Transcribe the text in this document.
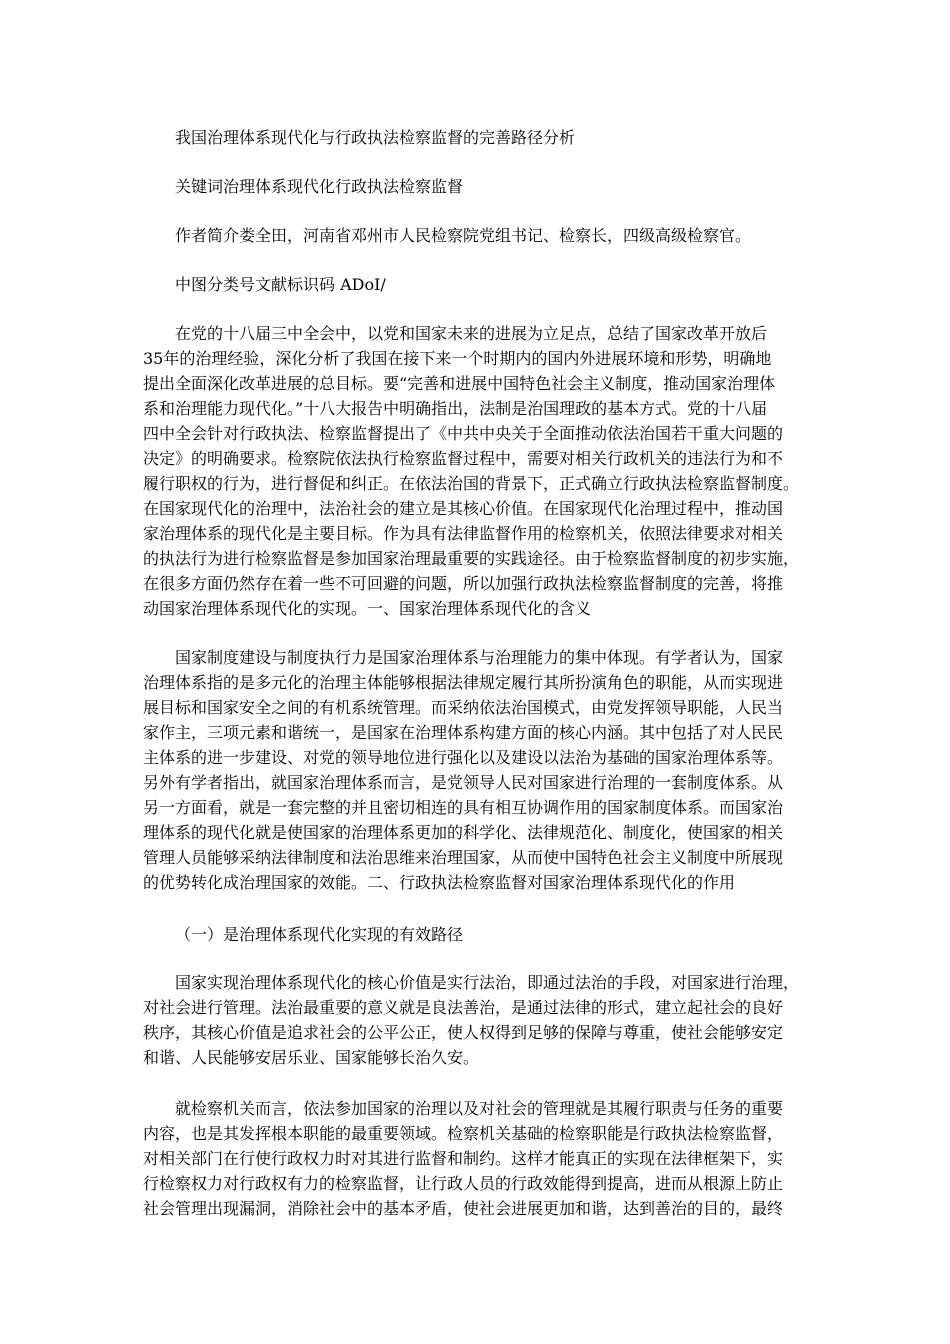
我国治理体系现代化与行政执法检察监督的完善路径分析
关键词治理体系现代化行政执法检察监督
作者简介娄全田，河南省邓州市人民检察院党组书记、检察长，四级高级检察官。
中图分类号文献标识码 ADoI/
在党的十八届三中全会中，以党和国家未来的进展为立足点，总结了国家改革开放后
35年的治理经验，深化分析了我国在接下来一个时期内的国内外进展环境和形势，明确地
提出全面深化改革进展的总目标。要“完善和进展中国特色社会主义制度，推动国家治理体
系和治理能力现代化。”十八大报告中明确指出，法制是治国理政的基本方式。党的十八届
四中全会针对行政执法、检察监督提出了《中共中央关于全面推动依法治国若干重大问题的
决定》的明确要求。检察院依法执行检察监督过程中，需要对相关行政机关的违法行为和不
履行职权的行为，进行督促和纠正。在依法治国的背景下，正式确立行政执法检察监督制度。
在国家现代化的治理中，法治社会的建立是其核心价值。在国家现代化治理过程中，推动国
家治理体系的现代化是主要目标。作为具有法律监督作用的检察机关，依照法律要求对相关
的执法行为进行检察监督是参加国家治理最重要的实践途径。由于检察监督制度的初步实施，
在很多方面仍然存在着一些不可回避的问题，所以加强行政执法检察监督制度的完善，将推
动国家治理体系现代化的实现。一、国家治理体系现代化的含义
国家制度建设与制度执行力是国家治理体系与治理能力的集中体现。有学者认为，国家
治理体系指的是多元化的治理主体能够根据法律规定履行其所扮演角色的职能，从而实现进
展目标和国家安全之间的有机系统管理。而采纳依法治国模式，由党发挥领导职能，人民当
家作主，三项元素和谐统一，是国家在治理体系构建方面的核心内涵。其中包括了对人民民
主体系的进一步建设、对党的领导地位进行强化以及建设以法治为基础的国家治理体系等。
另外有学者指出，就国家治理体系而言，是党领导人民对国家进行治理的一套制度体系。从
另一方面看，就是一套完整的并且密切相连的具有相互协调作用的国家制度体系。而国家治
理体系的现代化就是使国家的治理体系更加的科学化、法律规范化、制度化，使国家的相关
管理人员能够采纳法律制度和法治思维来治理国家，从而使中国特色社会主义制度中所展现
的优势转化成治理国家的效能。二、行政执法检察监督对国家治理体系现代化的作用
（一）是治理体系现代化实现的有效路径
国家实现治理体系现代化的核心价值是实行法治，即通过法治的手段，对国家进行治理，
对社会进行管理。法治最重要的意义就是良法善治，是通过法律的形式，建立起社会的良好
秩序，其核心价值是追求社会的公平公正，使人权得到足够的保障与尊重，使社会能够安定
和谐、人民能够安居乐业、国家能够长治久安。
就检察机关而言，依法参加国家的治理以及对社会的管理就是其履行职责与任务的重要
内容，也是其发挥根本职能的最重要领域。检察机关基础的检察职能是行政执法检察监督，
对相关部门在行使行政权力时对其进行监督和制约。这样才能真正的实现在法律框架下，实
行检察权力对行政权有力的检察监督，让行政人员的行政效能得到提高，进而从根源上防止
社会管理出现漏洞，消除社会中的基本矛盾，使社会进展更加和谐，达到善治的目的，最终
